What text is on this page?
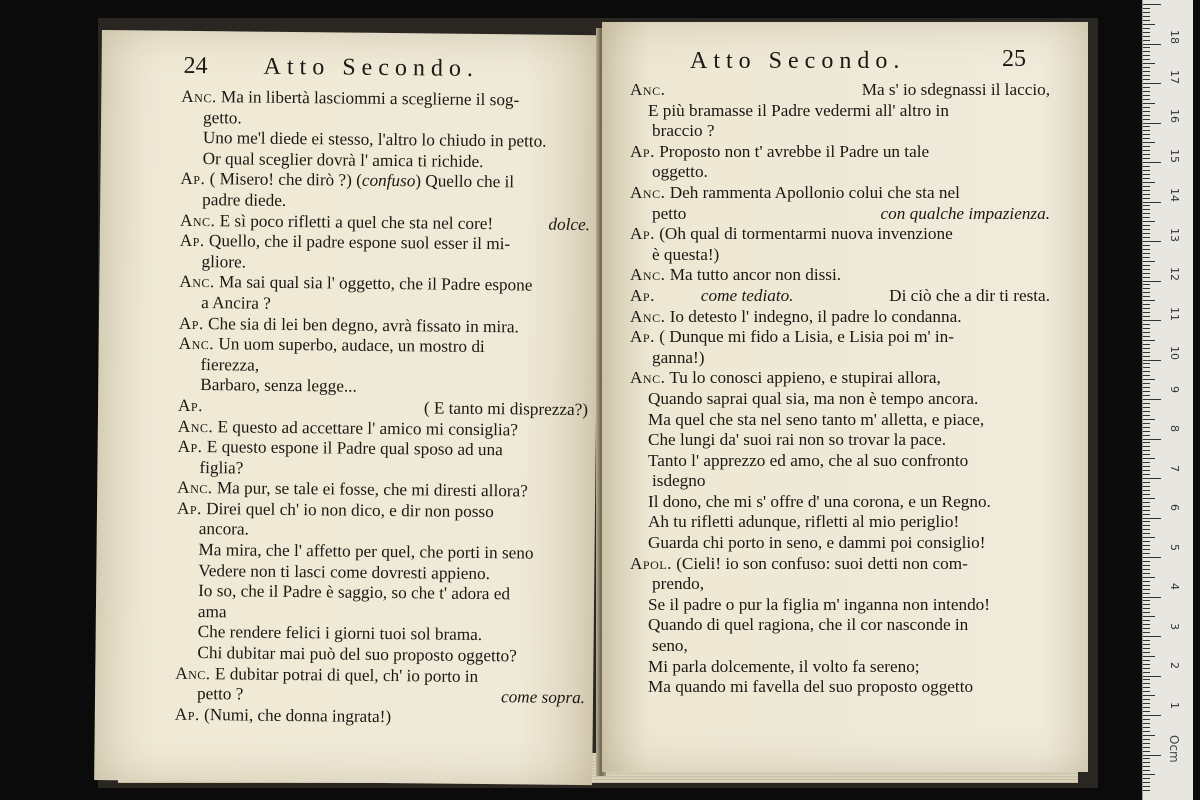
24 Atto Secondo.
Anc. Ma in libertà lasciommi a sceglierne il sog-
getto.
Uno me'l diede ei stesso, l'altro lo chiudo in petto.
Or qual sceglier dovrà l' amica ti richide.
Ap. ( Misero! che dirò ?) (confuso) Quello che il
padre diede.
Anc. E sì poco rifletti a quel che sta nel core!	dolce.
Ap. Quello, che il padre espone suol esser il mi-
gliore.
Anc. Ma sai qual sia l' oggetto, che il Padre espone
a Ancira ?
Ap. Che sia di lei ben degno, avrà fissato in mira.
Anc. Un uom superbo, audace, un mostro di
fierezza,
Barbaro, senza legge...
Ap.	( E tanto mi disprezza?)
Anc. E questo ad accettare l' amico mi consiglia?
Ap. E questo espone il Padre qual sposo ad una
figlia?
Anc. Ma pur, se tale ei fosse, che mi diresti allora?
Ap. Direi quel ch' io non dico, e dir non posso
ancora.
Ma mira, che l' affetto per quel, che porti in seno
Vedere non ti lasci come dovresti appieno.
Io so, che il Padre è saggio, so che t' adora ed
ama
Che rendere felici i giorni tuoi sol brama.
Chi dubitar mai può del suo proposto oggetto?
Anc. E dubitar potrai di quel, ch' io porto in
petto ?	come sopra.
Ap. (Numi, che donna ingrata!)
Atto Secondo.	25
Anc.	Ma s' io sdegnassi il laccio,
E più bramasse il Padre vedermi all' altro in
braccio ?
Ap. Proposto non t' avrebbe il Padre un tale
oggetto.
Anc. Deh rammenta Apollonio colui che sta nel
petto	con qualche impazienza.
Ap. (Oh qual di tormentarmi nuova invenzione
è questa!)
Anc. Ma tutto ancor non dissi.
Ap.	come tediato.	Di ciò che a dir ti resta.
Anc. Io detesto l' indegno, il padre lo condanna.
Ap. ( Dunque mi fido a Lisia, e Lisia poi m' in-
ganna!)
Anc. Tu lo conosci appieno, e stupirai allora,
Quando saprai qual sia, ma non è tempo ancora.
Ma quel che sta nel seno tanto m' alletta, e piace,
Che lungi da' suoi rai non so trovar la pace.
Tanto l' apprezzo ed amo, che al suo confronto
isdegno
Il dono, che mi s' offre d' una corona, e un Regno.
Ah tu rifletti adunque, rifletti al mio periglio!
Guarda chi porto in seno, e dammi poi consiglio!
Apol. (Cieli! io son confuso: suoi detti non com-
prendo,
Se il padre o pur la figlia m' inganna non intendo!
Quando di quel ragiona, che il cor nasconde in
seno,
Mi parla dolcemente, il volto fa sereno;
Ma quando mi favella del suo proposto oggetto
18
17
16
15
14
13
12
11
10
9
8
7
6
5
4
3
2
1
Ocm
